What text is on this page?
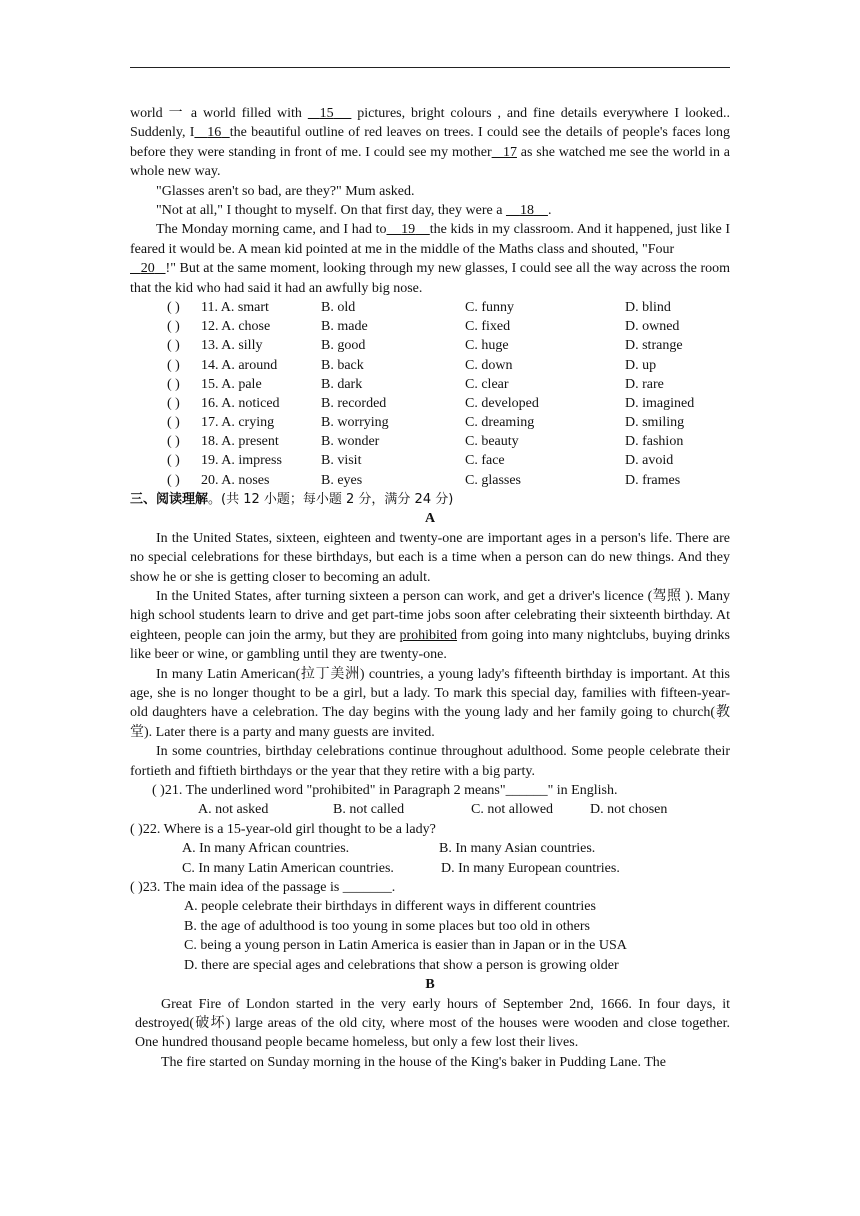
world 一 a world filled with   15    pictures, bright colours , and fine details everywhere I looked.. Suddenly, I 16 the beautiful outline of red leaves on trees. I could see the details of people's faces long before they were standing in front of me. I could see my mother 17 as she watched me see the world in a whole new way.

"Glasses aren't so bad, are they?" Mum asked.

"Not at all," I thought to myself. On that first day, they were a     18 .

The Monday morning came, and I had to 19 the kids in my classroom. And it happened, just like I feared it would be. A mean kid pointed at me in the middle of the Maths class and shouted, "Four

20 !" But at the same moment, looking through my new glasses, I could see all the way across the room that the kid who had said it had an awfully big nose.

( )	11. A. smart	B. old	C. funny	D. blind
( )	12. A. chose	B. made	C. fixed	D. owned
( )	13. A. silly	B. good	C. huge	D. strange
( )	14. A. around	B. back	C. down	D. up
( )	15. A. pale	B. dark	C. clear	D. rare
( )	16. A. noticed	B. recorded	C. developed	D. imagined
( )	17. A. crying	B. worrying	C. dreaming	D. smiling
( )	18. A. present	B. wonder	C. beauty	D. fashion
( )	19. A. impress	B. visit	C. face	D. avoid
( )	20. A. noses	B. eyes	C. glasses	D. frames

三、阅读理解。(共 12 小题；每小题 2 分，满分 24 分)

A

In the United States, sixteen, eighteen and twenty-one are important ages in a person's life. There are no special celebrations for these birthdays, but each is a time when a person can do new things. And they show he or she is getting closer to becoming an adult.

In the United States, after turning sixteen a person can work, and get a driver's licence (驾照 ). Many high school students learn to drive and get part-time jobs soon after celebrating their sixteenth birthday. At eighteen, people can join the army, but they are prohibited from going into many nightclubs, buying drinks like beer or wine, or gambling until they are twenty-one.

In many Latin American(拉丁美洲) countries, a young lady's fifteenth birthday is important. At this age, she is no longer thought to be a girl, but a lady. To mark this special day, families with fifteen-year-old daughters have a celebration. The day begins with the young lady and her family going to church(教堂). Later there is a party and many guests are invited.

In some countries, birthday celebrations continue throughout adulthood. Some people celebrate their fortieth and fiftieth birthdays or the year that they retire with a big party.

( )21. The underlined word "prohibited" in Paragraph 2 means"______" in English.

A. not asked	B. not called	C. not allowed	D. not chosen

( )22. Where is a 15-year-old girl thought to be a lady?

A. In many African countries.	B. In many Asian countries.

C. In many Latin American countries.	D. In many European countries.

( )23. The main idea of the passage is _______.

A. people celebrate their birthdays in different ways in different countries

B. the age of adulthood is too young in some places but too old in others

C. being a young person in Latin America is easier than in Japan or in the USA

D. there are special ages and celebrations that show a person is growing older

B

Great Fire of London started in the very early hours of September 2nd, 1666. In four days, it destroyed(破坏) large areas of the old city, where most of the houses were wooden and close together. One hundred thousand people became homeless, but only a few lost their lives.

The fire started on Sunday morning in the house of the King's baker in Pudding Lane. The
